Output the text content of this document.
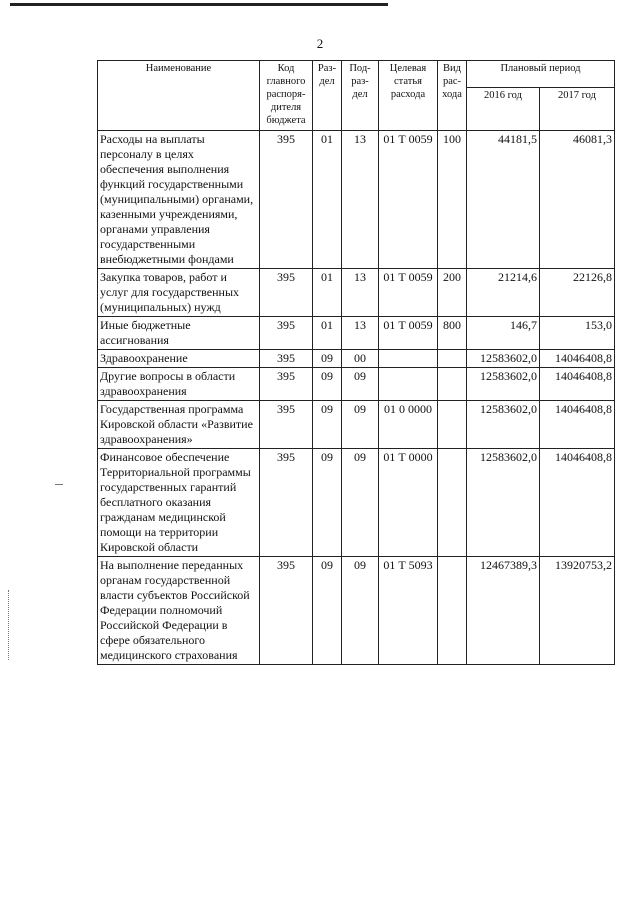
2
Наименование	Код главного распоря-дителя бюджета	Раз-дел	Под-раз-дел	Целевая статья расхода	Вид рас-хода	Плановый период	
						2016 год	2017 год
Расходы на выплаты персоналу в целях обеспечения выполнения функций государственными (муниципальными) органами, казенными учреждениями, органами управления государственными внебюджетными фондами	395	01	13	01 Т 0059	100	44181,5	46081,3
Закупка товаров, работ и услуг для государственных (муниципальных) нужд	395	01	13	01 Т 0059	200	21214,6	22126,8
Иные бюджетные ассигнования	395	01	13	01 Т 0059	800	146,7	153,0
Здравоохранение	395	09	00			12583602,0	14046408,8
Другие вопросы в области здравоохранения	395	09	09			12583602,0	14046408,8
Государственная программа Кировской области «Развитие здравоохранения»	395	09	09	01 0 0000		12583602,0	14046408,8
Финансовое обеспечение Территориальной программы государственных гарантий бесплатного оказания гражданам медицинской помощи на территории Кировской области	395	09	09	01 Т 0000		12583602,0	14046408,8
На выполнение переданных органам государственной власти субъектов Российской Федерации полномочий Российской Федерации в сфере обязательного медицинского страхования	395	09	09	01 Т 5093		12467389,3	13920753,2
